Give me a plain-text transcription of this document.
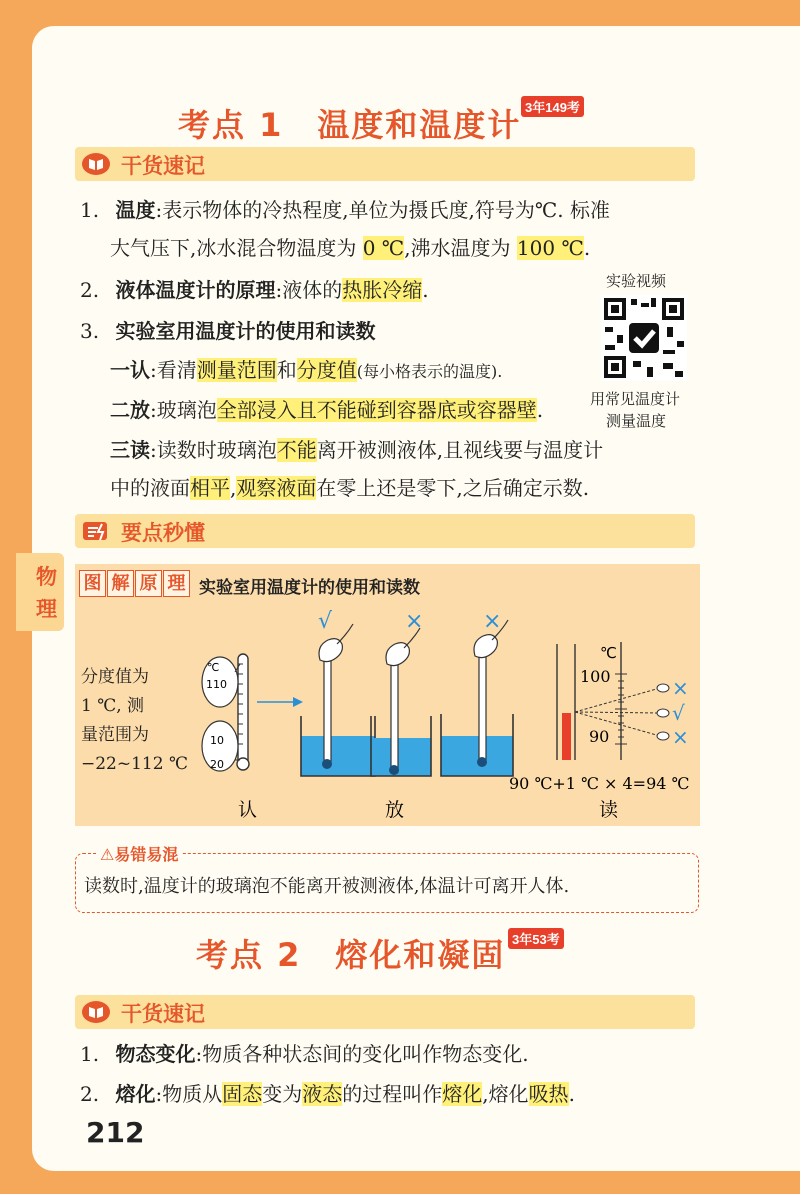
考点 1　温度和温度计 3年149考
干货速记
1. 温度:表示物体的冷热程度,单位为摄氏度,符号为℃. 标准
大气压下,冰水混合物温度为 0 ℃,沸水温度为 100 ℃.
2. 液体温度计的原理:液体的热胀冷缩.
3. 实验室用温度计的使用和读数
一认:看清测量范围和分度值(每小格表示的温度).
二放:玻璃泡全部浸入且不能碰到容器底或容器壁.
三读:读数时玻璃泡不能离开被测液体,且视线要与温度计
中的液面相平,观察液面在零上还是零下,之后确定示数.
实验视频
用常见温度计
测量温度
要点秒懂
物
理
图 解 原 理 实验室用温度计的使用和读数
分度值为
1 ℃, 测
量范围为
−22~112 ℃
℃
110
10
20
√	×	×
℃
100
90
×
√
×
90 ℃+1 ℃ × 4=94 ℃
认	放	读
⚠易错易混
读数时,温度计的玻璃泡不能离开被测液体,体温计可离开人体.
考点 2　熔化和凝固 3年53考
干货速记
1. 物态变化:物质各种状态间的变化叫作物态变化.
2. 熔化:物质从固态变为液态的过程叫作熔化,熔化吸热.
212
